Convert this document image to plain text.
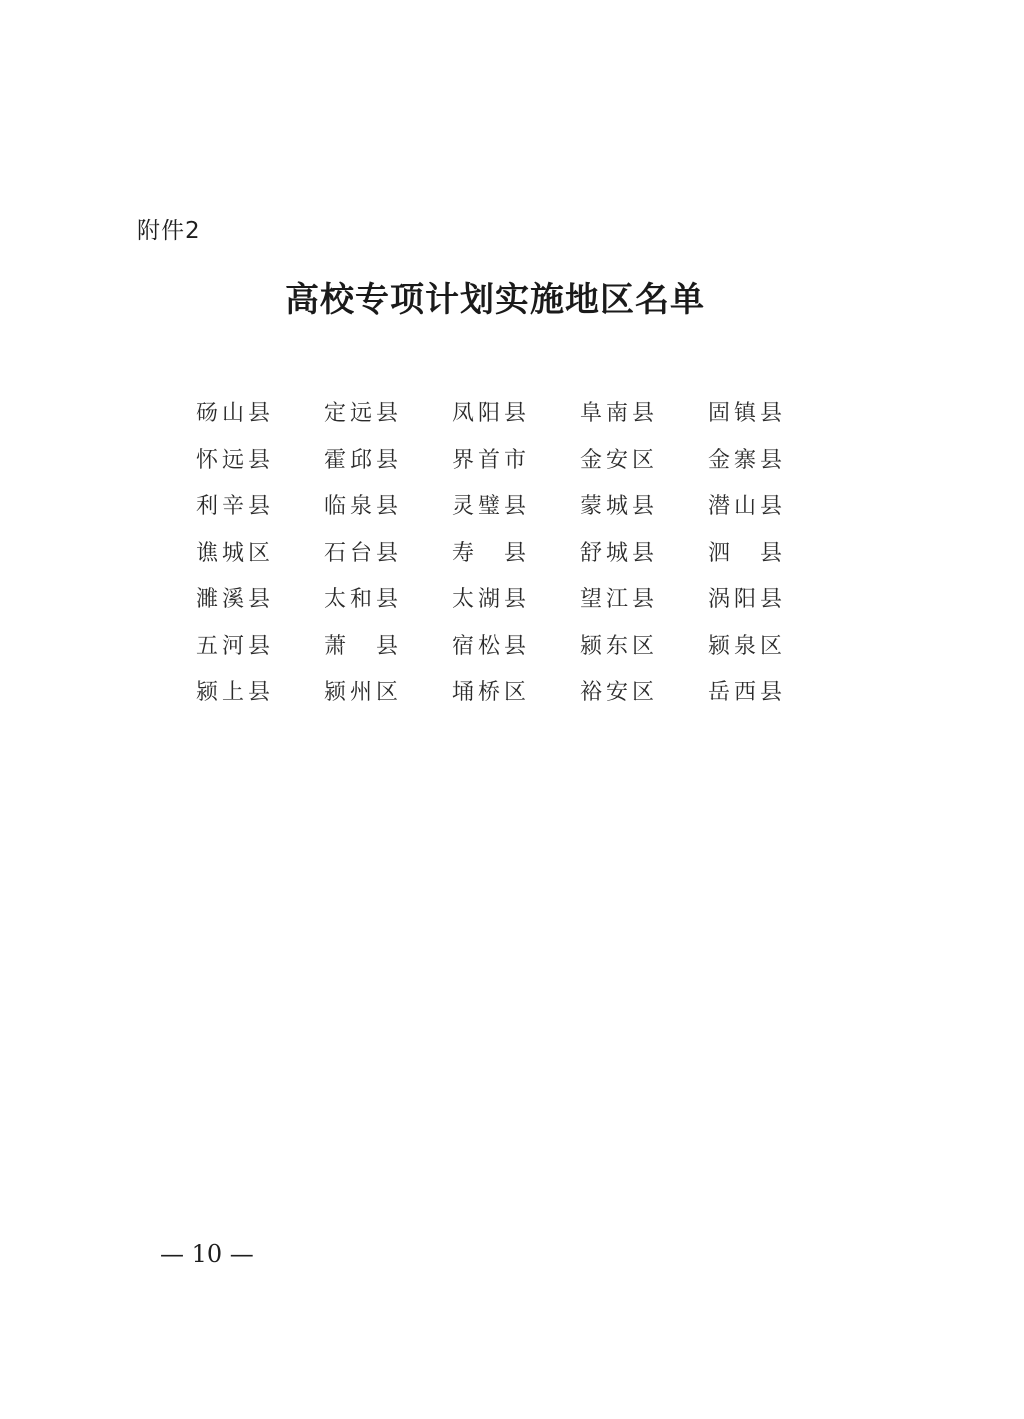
附件2
高校专项计划实施地区名单
砀山县	定远县	凤阳县	阜南县	固镇县
怀远县	霍邱县	界首市	金安区	金寨县
利辛县	临泉县	灵璧县	蒙城县	潜山县
谯城区	石台县	寿　县	舒城县	泗　县
濉溪县	太和县	太湖县	望江县	涡阳县
五河县	萧　县	宿松县	颍东区	颍泉区
颍上县	颍州区	埇桥区	裕安区	岳西县
— 10 —
